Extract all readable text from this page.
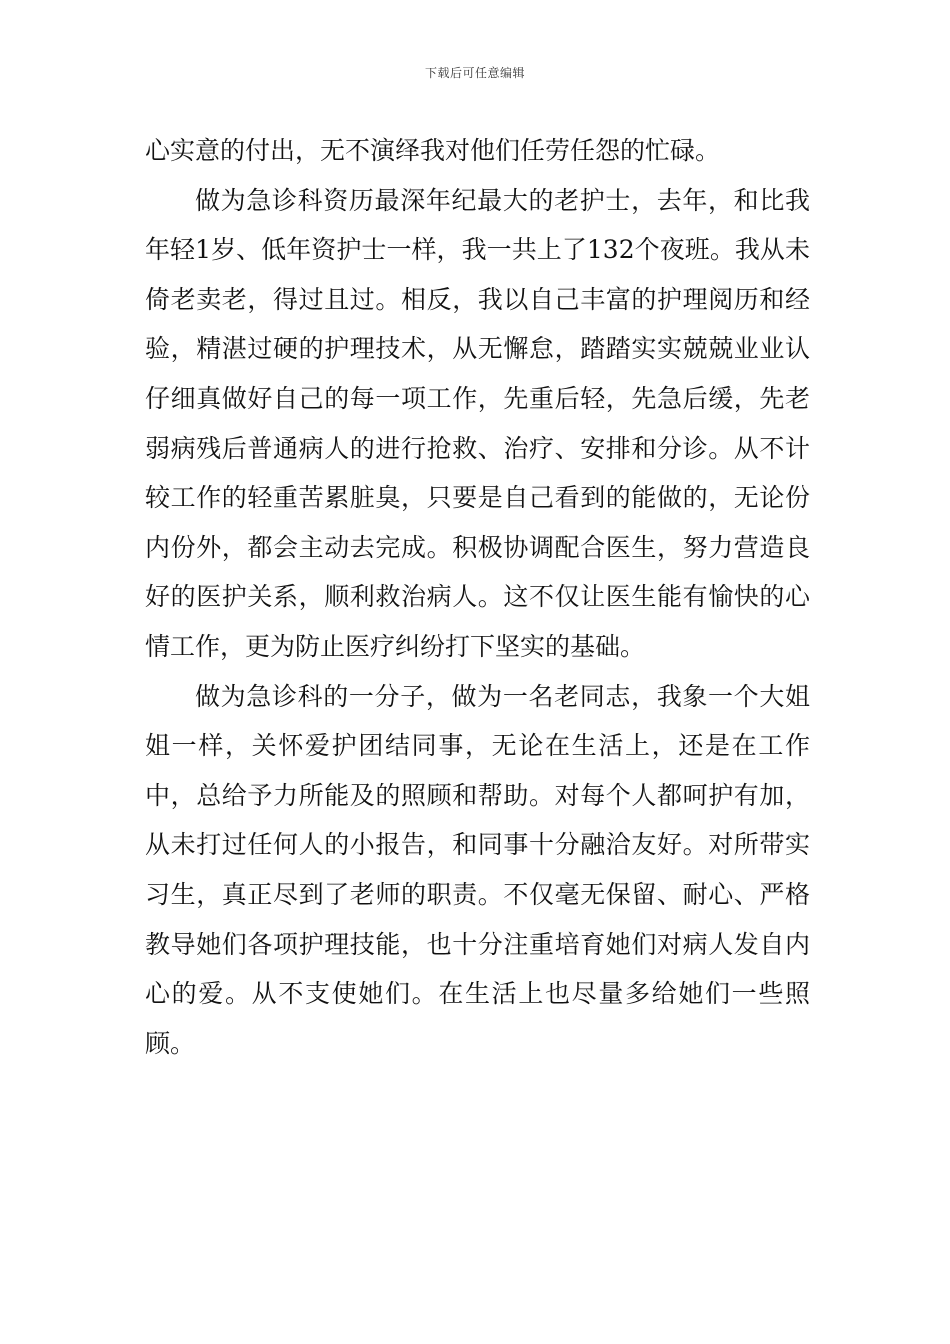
下载后可任意编辑

心实意的付出，无不演绎我对他们任劳任怨的忙碌。

做为急诊科资历最深年纪最大的老护士，去年，和比我年轻1岁、低年资护士一样，我一共上了132个夜班。我从未倚老卖老，得过且过。相反，我以自己丰富的护理阅历和经验，精湛过硬的护理技术，从无懈怠，踏踏实实兢兢业业认仔细真做好自己的每一项工作，先重后轻，先急后缓，先老弱病残后普通病人的进行抢救、治疗、安排和分诊。从不计较工作的轻重苦累脏臭，只要是自己看到的能做的，无论份内份外，都会主动去完成。积极协调配合医生，努力营造良好的医护关系，顺利救治病人。这不仅让医生能有愉快的心情工作，更为防止医疗纠纷打下坚实的基础。

做为急诊科的一分子，做为一名老同志，我象一个大姐姐一样，关怀爱护团结同事，无论在生活上，还是在工作中，总给予力所能及的照顾和帮助。对每个人都呵护有加，从未打过任何人的小报告，和同事十分融洽友好。对所带实习生，真正尽到了老师的职责。不仅毫无保留、耐心、严格教导她们各项护理技能，也十分注重培育她们对病人发自内心的爱。从不支使她们。在生活上也尽量多给她们一些照顾。
